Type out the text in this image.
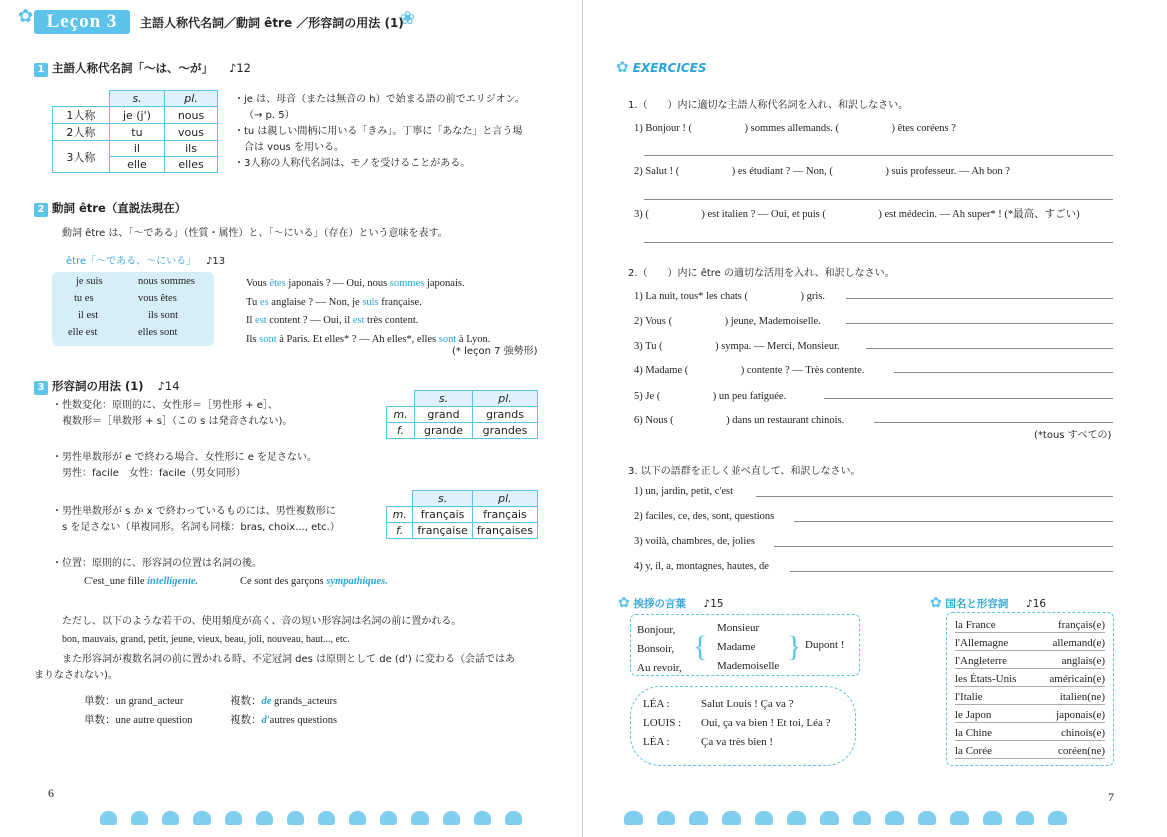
✿ Leçon 3	主語人称代名詞／動詞 être ／形容詞の用法 (1)
❀
1 主語人称代名詞「〜は、〜が」 ♪12
	s.	pl.
1人称	je (j')	nous
2人称	tu	vous
3人称	il	ils
	elle	elles
・je は、母音（または無音の h）で始まる語の前でエリジオン。
（→ p. 5）
・tu は親しい間柄に用いる「きみ」。丁寧に「あなた」と言う場
合は vous を用いる。
・3人称の人称代名詞は、モノを受けることがある。
2 動詞 être（直説法現在）
動詞 être は、「〜である」（性質・属性）と、「〜にいる」（存在）という意味を表す。
être「〜である、〜にいる」 ♪13
je suis	nous sommes
tu es	vous êtes
il est	ils sont
elle est	elles sont
Vous êtes japonais ? — Oui, nous sommes japonais.
Tu es anglaise ? — Non, je suis française.
Il est content ? — Oui, il est très content.
Ils sont à Paris. Et elles* ? — Ah elles*, elles sont à Lyon.
(* leçon 7 強勢形)
3 形容詞の用法 (1) ♪14
・性数変化：原則的に、女性形＝［男性形 + e］、
複数形＝［単数形 + s］（この s は発音されない)。
	s.	pl.
m.	grand	grands
f.	grande	grandes
・男性単数形が e で終わる場合、女性形に e を足さない。
男性：facile　女性：facile（男女同形）
・男性単数形が s か x で終わっているものには、男性複数形に
s を足さない（単複同形。名詞も同様：bras, choix..., etc.）
	s.	pl.
m.	français	français
f.	française	françaises
・位置：原則的に、形容詞の位置は名詞の後。
C'est_une fille intelligente.	Ce sont des garçons sympathiques.
ただし、以下のような若干の、使用頻度が高く、音の短い形容詞は名詞の前に置かれる。
bon, mauvais, grand, petit, jeune, vieux, beau, joli, nouveau, haut..., etc.
また形容詞が複数名詞の前に置かれる時、不定冠詞 des は原則として de (d') に変わる（会話ではあ
まりなされない)。
単数：un grand_acteur	複数：de grands_acteurs
単数：une autre question	複数：d'autres questions
6
✿ EXERCICES
1.（　　）内に適切な主語人称代名詞を入れ、和訳しなさい。
1) Bonjour ! (　　　　　) sommes allemands. (　　　　　) êtes coréens ?
2) Salut ! (　　　　　) es étudiant ? — Non, (　　　　　) suis professeur. — Ah bon ?
3) (　　　　　) est italien ? — Oui, et puis (　　　　　) est médecin. — Ah super* ! (*最高、すごい)
2.（　　）内に être の適切な活用を入れ、和訳しなさい。
1) La nuit, tous* les chats (　　　　　) gris.
2) Vous (　　　　　) jeune, Mademoiselle.
3) Tu (　　　　　) sympa. — Merci, Monsieur.
4) Madame (　　　　　) contente ? — Très contente.
5) Je (　　　　　) un peu fatiguée.
6) Nous (　　　　　) dans un restaurant chinois.
(*tous すべての)
3. 以下の語群を正しく並べ直して、和訳しなさい。
1) un, jardin, petit, c'est
2) faciles, ce, des, sont, questions
3) voilà, chambres, de, jolies
4) y, il, a, montagnes, hautes, de
✿ 挨拶の言葉 ♪15
Bonjour,
Bonsoir,
Au revoir,
{
Monsieur
Madame
Mademoiselle
} Dupont !
LÉA :	Salut Louis ! Ça va ?
LOUIS : Oui, ça va bien ! Et toi, Léa ?
LÉA :	Ça va très bien !
✿ 国名と形容詞 ♪16
la France	français(e)
l'Allemagne	allemand(e)
l'Angleterre	anglais(e)
les États-Unis	américain(e)
l'Italie	italien(ne)
le Japon	japonais(e)
la Chine	chinois(e)
la Corée	coréen(ne)
7
